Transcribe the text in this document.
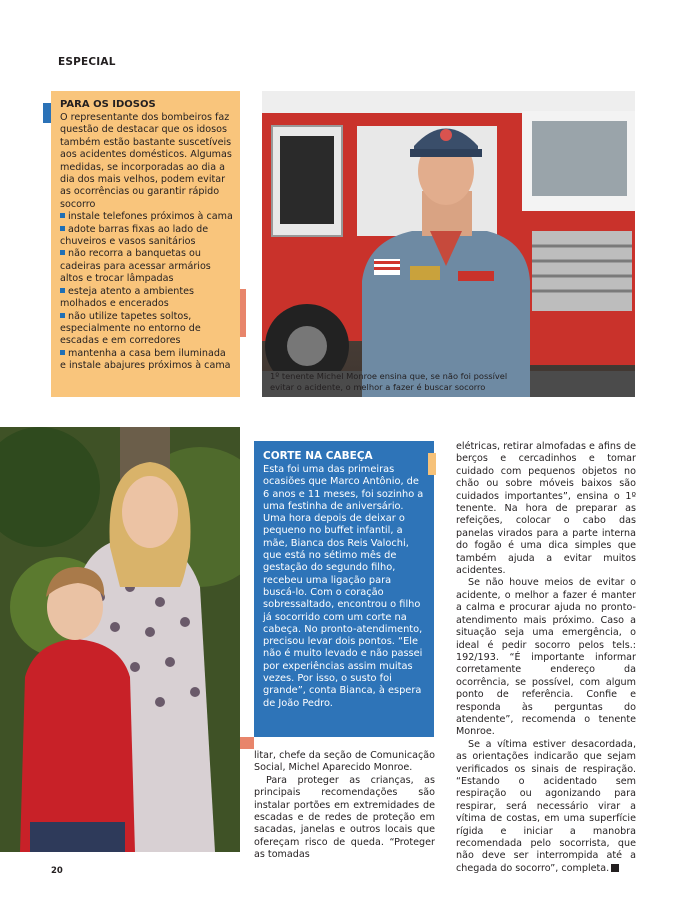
ESPECIAL
PARA OS IDOSOS
O representante dos bombeiros faz questão de destacar que os idosos também estão bastante suscetíveis aos acidentes domésticos. Algumas medidas, se incorporadas ao dia a dia dos mais velhos, podem evitar as ocorrências ou garantir rápido socorro
instale telefones próximos à cama
adote barras fixas ao lado de chuveiros e vasos sanitários
não recorra a banquetas ou cadeiras para acessar armários altos e trocar lâmpadas
esteja atento a ambientes molhados e encerados
não utilize tapetes soltos, especialmente no entorno de escadas e em corredores
mantenha a casa bem iluminada e instale abajures próximos à cama
1º tenente Michel Monroe ensina que, se não foi possível evitar o acidente, o melhor a fazer é buscar socorro
CORTE NA CABEÇA
Esta foi uma das primeiras ocasiões que Marco Antônio, de 6 anos e 11 meses, foi sozinho a uma festinha de aniversário. Uma hora depois de deixar o pequeno no buffet infantil, a mãe, Bianca dos Reis Valochi, que está no sétimo mês de gestação do segundo filho, recebeu uma ligação para buscá-lo. Com o coração sobressaltado, encontrou o filho já socorrido com um corte na cabeça. No pronto-atendimento, precisou levar dois pontos. “Ele não é muito levado e não passei por experiências assim muitas vezes. Por isso, o susto foi grande”, conta Bianca, à espera de João Pedro.

litar, chefe da seção de Comunicação Social, Michel Aparecido Monroe.

Para proteger as crianças, as principais recomendações são instalar portões em extremidades de escadas e de redes de proteção em sacadas, janelas e outros locais que ofereçam risco de queda. “Proteger as tomadas

elétricas, retirar almofadas e afins de berços e cercadinhos e tomar cuidado com pequenos objetos no chão ou sobre móveis baixos são cuidados importantes”, ensina o 1º tenente. Na hora de preparar as refeições, colocar o cabo das panelas virados para a parte interna do fogão é uma dica simples que também ajuda a evitar muitos acidentes.

Se não houve meios de evitar o acidente, o melhor a fazer é manter a calma e procurar ajuda no pronto-atendimento mais próximo. Caso a situação seja uma emergência, o ideal é pedir socorro pelos tels.: 192/193. “É importante informar corretamente endereço da ocorrência, se possível, com algum ponto de referência. Confie e responda às perguntas do atendente”, recomenda o tenente Monroe.

Se a vítima estiver desacordada, as orientações indicarão que sejam verificados os sinais de respiração. “Estando o acidentado sem respiração ou agonizando para respirar, será necessário virar a vítima de costas, em uma superfície rígida e iniciar a manobra recomendada pelo socorrista, que não deve ser interrompida até a chegada do socorro”, completa.

20
